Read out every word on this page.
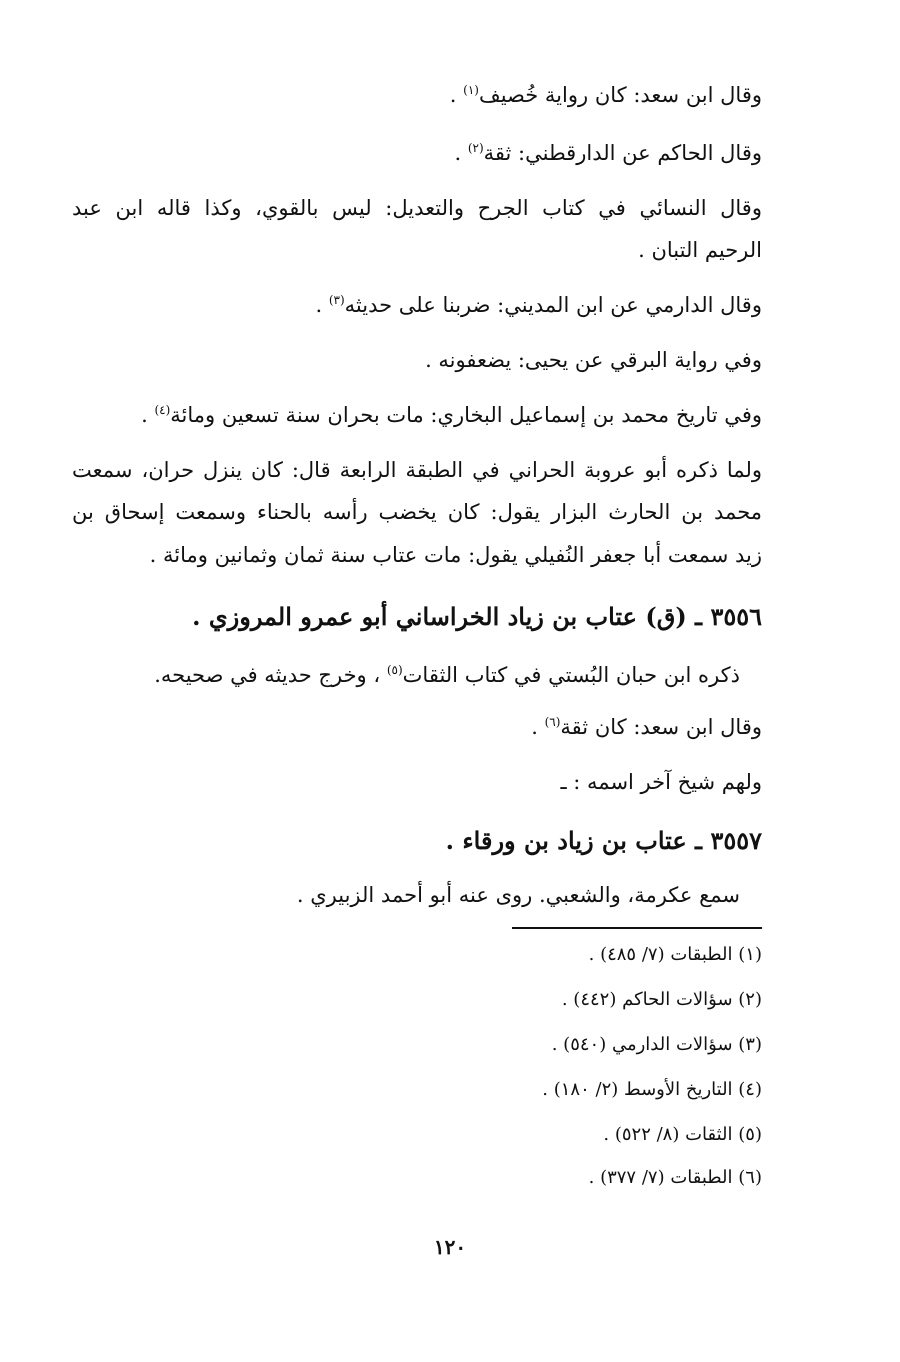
وقال ابن سعد: كان رواية خُصيف$^{(١)}$ .
وقال الحاكم عن الدارقطني: ثقة$^{(٢)}$ .
وقال النسائي في كتاب الجرح والتعديل: ليس بالقوي، وكذا قاله ابن عبد
الرحيم التبان .
وقال الدارمي عن ابن المديني: ضربنا على حديثه$^{(٣)}$ .
وفي رواية البرقي عن يحيى: يضعفونه .
وفي تاريخ محمد بن إسماعيل البخاري: مات بحران سنة تسعين ومائة$^{(٤)}$ .
ولما ذكره أبو عروبة الحراني في الطبقة الرابعة قال: كان ينزل حران، سمعت
محمد بن الحارث البزار يقول: كان يخضب رأسه بالحناء وسمعت إسحاق بن
زيد سمعت أبا جعفر النُفيلي يقول: مات عتاب سنة ثمان وثمانين ومائة .
٣٥٥٦ ـ (ق) عتاب بن زياد الخراساني أبو عمرو المروزي .
ذكره ابن حبان البُستي في كتاب الثقات$^{(٥)}$ ، وخرج حديثه في صحيحه.
وقال ابن سعد: كان ثقة$^{(٦)}$ .
ولهم شيخ آخر اسمه : ـ
٣٥٥٧ ـ عتاب بن زياد بن ورقاء .
سمع عكرمة، والشعبي. روى عنه أبو أحمد الزبيري .
(١) الطبقات (٧/ ٤٨٥) .
(٢) سؤالات الحاكم (٤٤٢) .
(٣) سؤالات الدارمي (٥٤٠) .
(٤) التاريخ الأوسط (٢/ ١٨٠) .
(٥) الثقات (٨/ ٥٢٢) .
(٦) الطبقات (٧/ ٣٧٧) .
١٢٠
